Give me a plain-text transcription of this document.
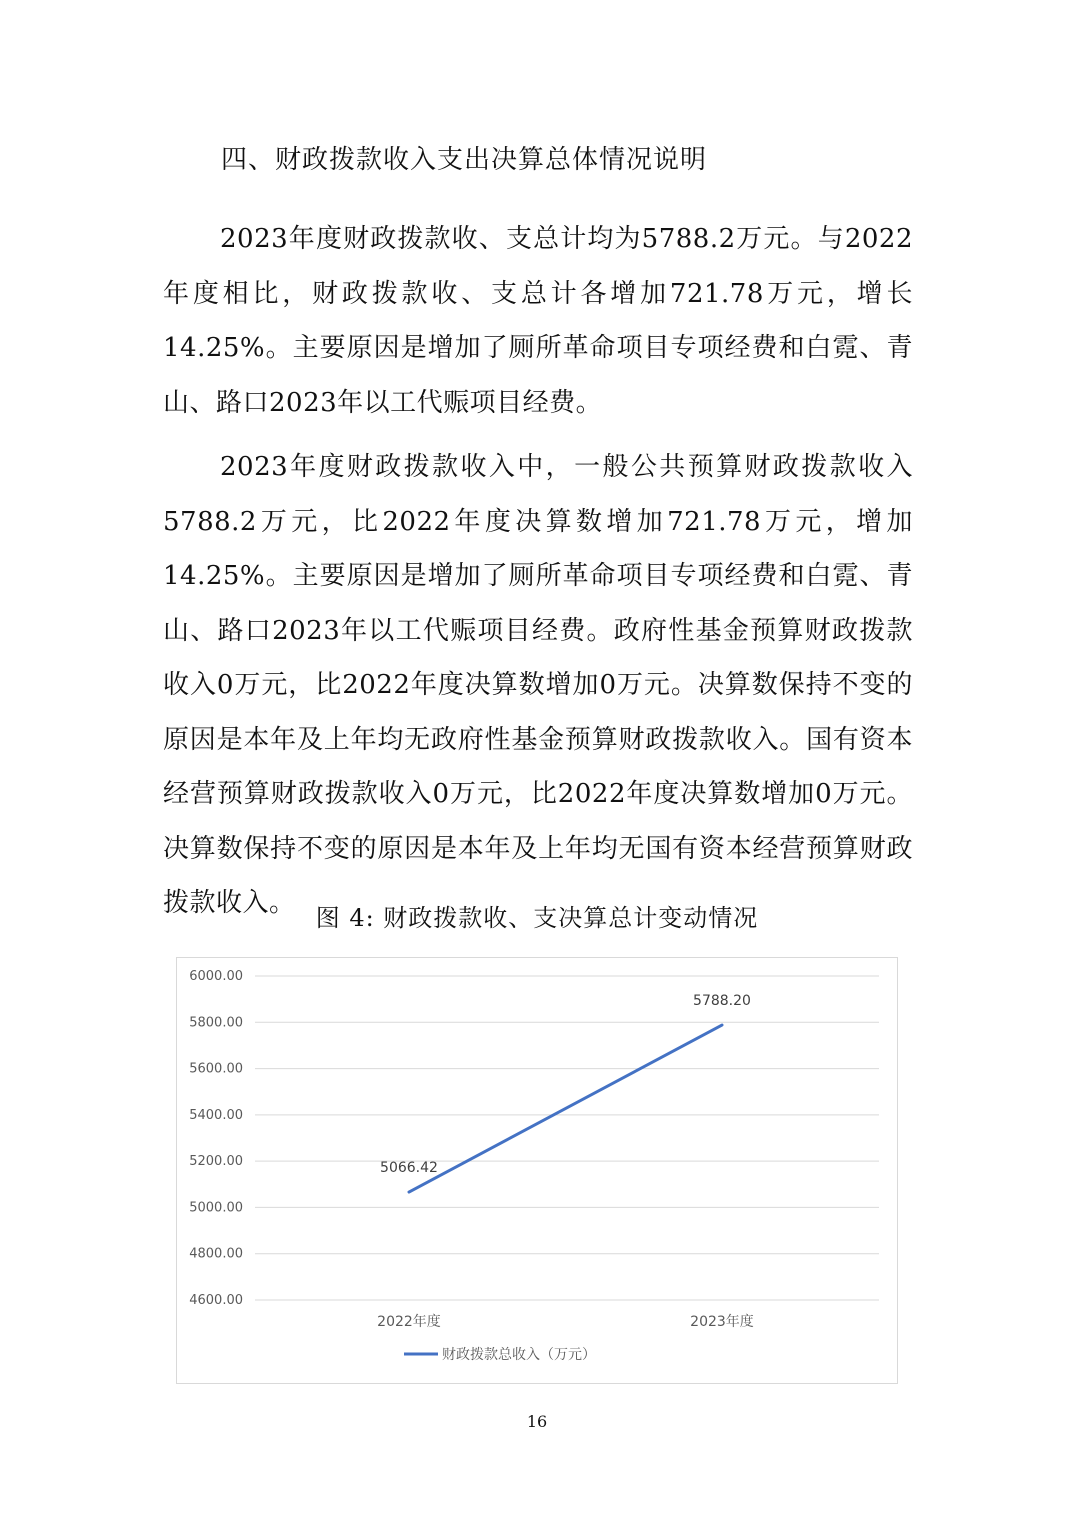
四、财政拨款收入支出决算总体情况说明
2023年度财政拨款收、支总计均为5788.2万元。与2022年度相比，财政拨款收、支总计各增加721.78万元，增长14.25%。主要原因是增加了厕所革命项目专项经费和白霓、青山、路口2023年以工代赈项目经费。
2023年度财政拨款收入中，一般公共预算财政拨款收入5788.2万元，比2022年度决算数增加721.78万元，增加14.25%。主要原因是增加了厕所革命项目专项经费和白霓、青山、路口2023年以工代赈项目经费。政府性基金预算财政拨款收入0万元，比2022年度决算数增加0万元。决算数保持不变的原因是本年及上年均无政府性基金预算财政拨款收入。国有资本经营预算财政拨款收入0万元，比2022年度决算数增加0万元。决算数保持不变的原因是本年及上年均无国有资本经营预算财政拨款收入。 图 4: 财政拨款收、支决算总计变动情况
4600.00
4800.00
5000.00
5200.00
5400.00
5600.00
5800.00
6000.00
2022年度	2023年度
5066.42
5788.20
财政拨款总收入（万元）
16
